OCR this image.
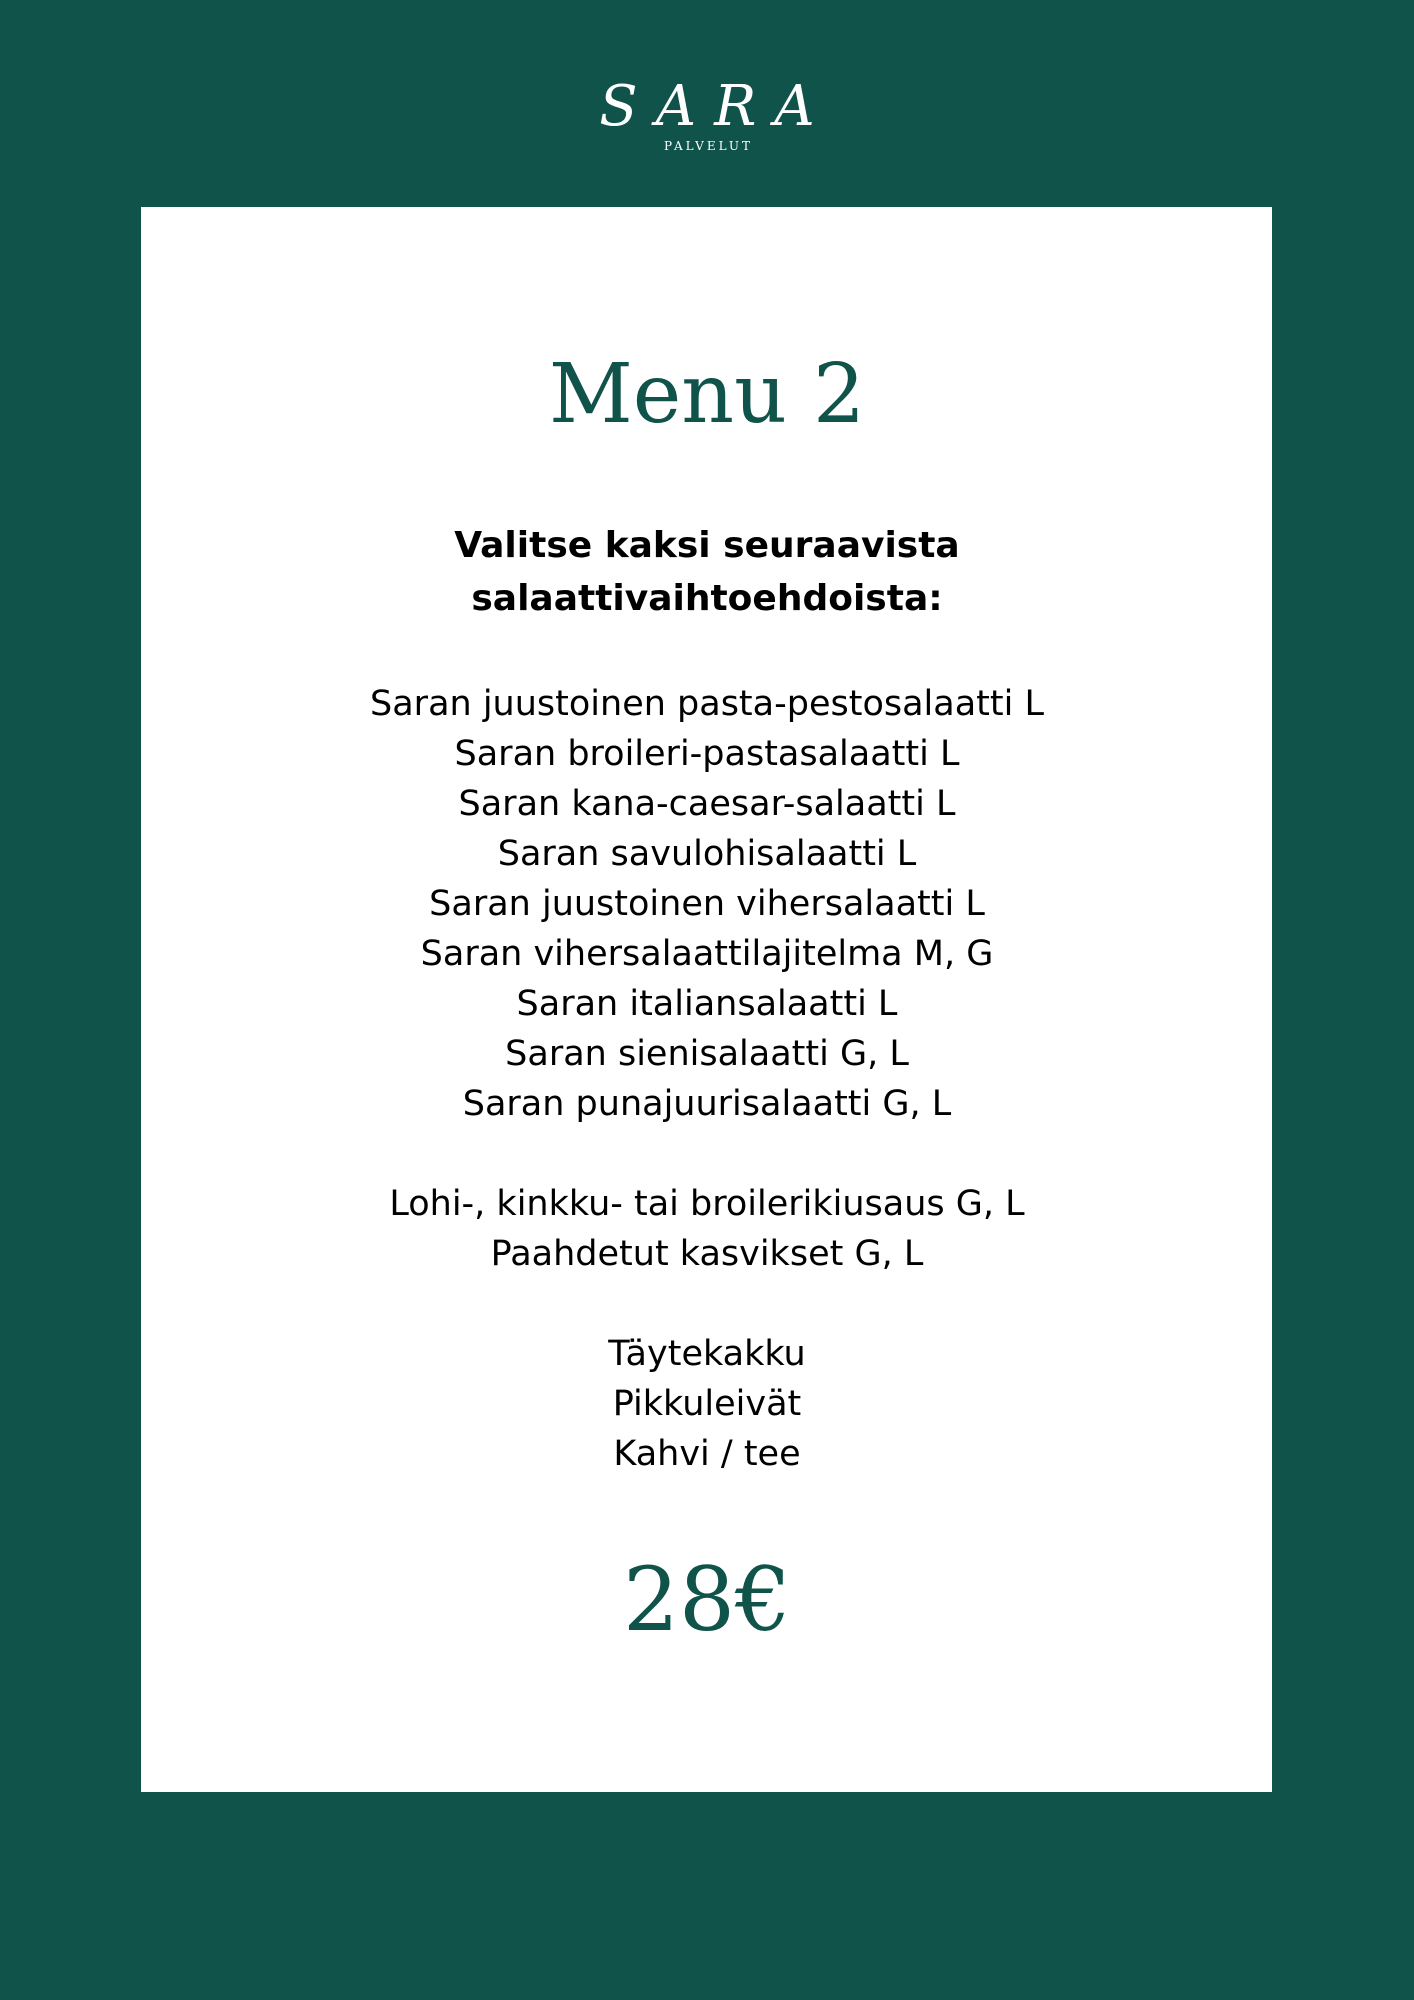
SARA
PALVELUT
Menu 2
Valitse kaksi seuraavista
salaattivaihtoehdoista:
Saran juustoinen pasta-pestosalaatti L
Saran broileri-pastasalaatti L
Saran kana-caesar-salaatti L
Saran savulohisalaatti L
Saran juustoinen vihersalaatti L
Saran vihersalaattilajitelma M, G
Saran italiansalaatti L
Saran sienisalaatti G, L
Saran punajuurisalaatti G, L
Lohi-, kinkku- tai broilerikiusaus G, L
Paahdetut kasvikset G, L
Täytekakku
Pikkuleivät
Kahvi / tee
28€
